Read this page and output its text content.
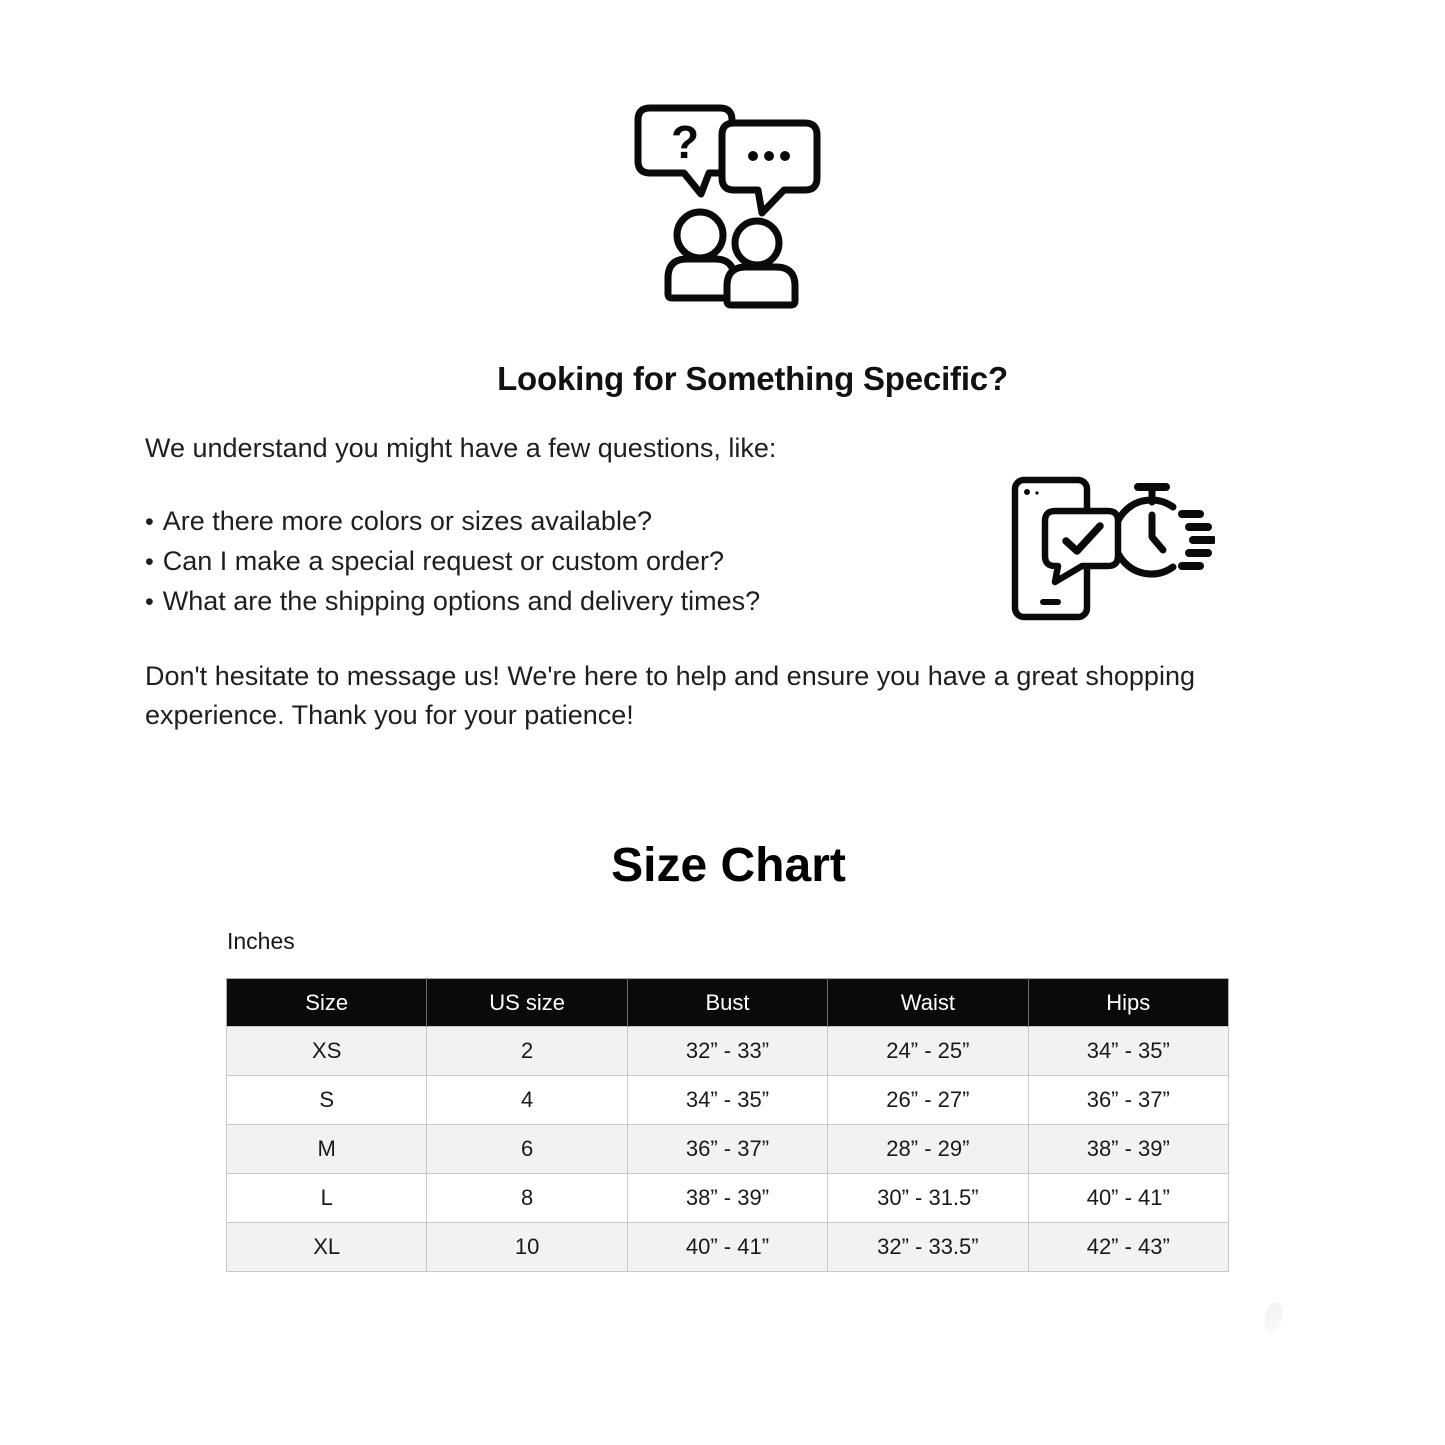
?
Looking for Something Specific?
We understand you might have a few questions, like:
• Are there more colors or sizes available?
• Can I make a special request or custom order?
• What are the shipping options and delivery times?
Don't hesitate to message us! We're here to help and ensure you have a great shopping experience. Thank you for your patience!
Size Chart
Inches
Size	US size	Bust	Waist	Hips
XS	2	32” - 33”	24” - 25”	34” - 35”
S	4	34” - 35”	26” - 27”	36” - 37”
M	6	36” - 37”	28” - 29”	38” - 39”
L	8	38” - 39”	30” - 31.5”	40” - 41”
XL	10	40” - 41”	32” - 33.5”	42” - 43”
